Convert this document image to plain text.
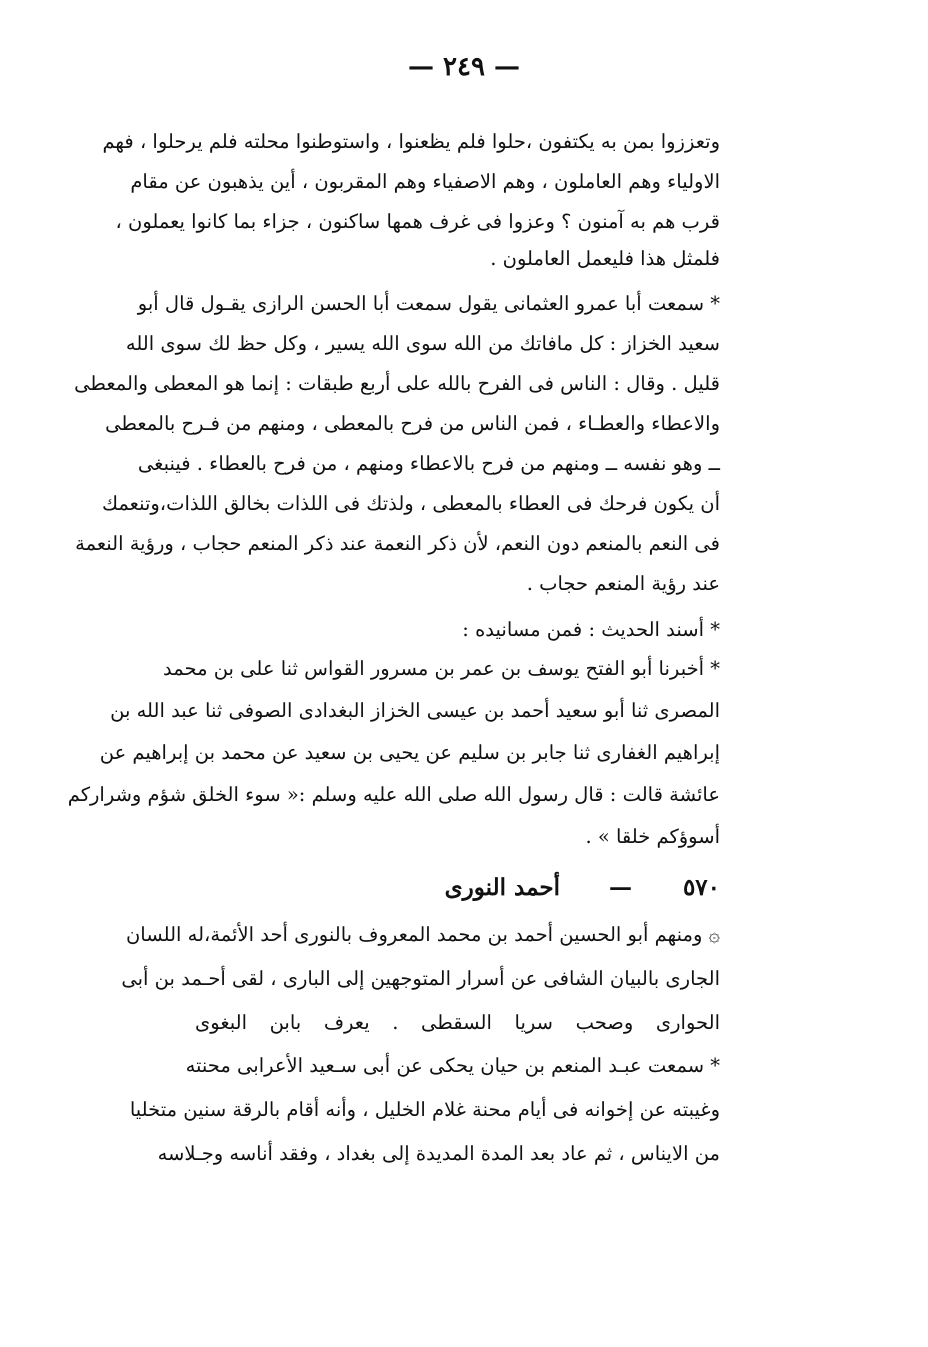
— ٢٤٩ —

وتعززوا بمن به يكتفون ،حلوا فلم يظعنوا ، واستوطنوا محلته فلم يرحلوا ، فهم

الاولياء وهم العاملون ، وهم الاصفياء وهم المقربون ، أين يذهبون عن مقام

قرب هم به آمنون ؟ وعزوا فى غرف همها ساكنون ، جزاء بما كانوا يعملون ،

فلمثل هذا فليعمل العاملون .

* سمعت أبا عمرو العثمانى يقول سمعت أبا الحسن الرازى يقـول قال أبو

سعيد الخزاز : كل مافاتك من الله سوى الله يسير ، وكل حظ لك سوى الله

قليل . وقال : الناس فى الفرح بالله على أربع طبقات : إنما هو المعطى والمعطى

والاعطاء والعطـاء ، فمن الناس من فرح بالمعطى ، ومنهم من فـرح بالمعطى

ــ وهو نفسه ــ ومنهم من فرح بالاعطاء ومنهم ، من فرح بالعطاء . فينبغى

أن يكون فرحك فى العطاء بالمعطى ، ولذتك فى اللذات بخالق اللذات،وتنعمك

فى النعم بالمنعم دون النعم، لأن ذكر النعمة عند ذكر المنعم حجاب ، ورؤية النعمة

عند رؤية المنعم حجاب .

* أسند الحديث : فمن مسانيده :

* أخبرنا أبو الفتح يوسف بن عمر بن مسرور القواس ثنا على بن محمد

المصرى ثنا أبو سعيد أحمد بن عيسى الخزاز البغدادى الصوفى ثنا عبد الله بن

إبراهيم الغفارى ثنا جابر بن سليم عن يحيى بن سعيد عن محمد بن إبراهيم عن

عائشة قالت : قال رسول الله صلى الله عليه وسلم :« سوء الخلق شؤم وشراركم

أسوؤكم خلقا » .

٥٧٠
—
أحمد النورى

۞ ومنهم أبو الحسين أحمد بن محمد المعروف بالنورى أحد الأئمة،له اللسان

الجارى بالبيان الشافى عن أسرار المتوجهين إلى البارى ، لقى أحـمد بن أبى

الحوارى وصحب سريا السقطى . يعرف بابن البغوى

* سمعت عبـد المنعم بن حيان يحكى عن أبى سـعيد الأعرابى محنته

وغيبته عن إخوانه فى أيام محنة غلام الخليل ، وأنه أقام بالرقة سنين متخليا

من الايناس ، ثم عاد بعد المدة المديدة إلى بغداد ، وفقد أناسه وجـلاسه
